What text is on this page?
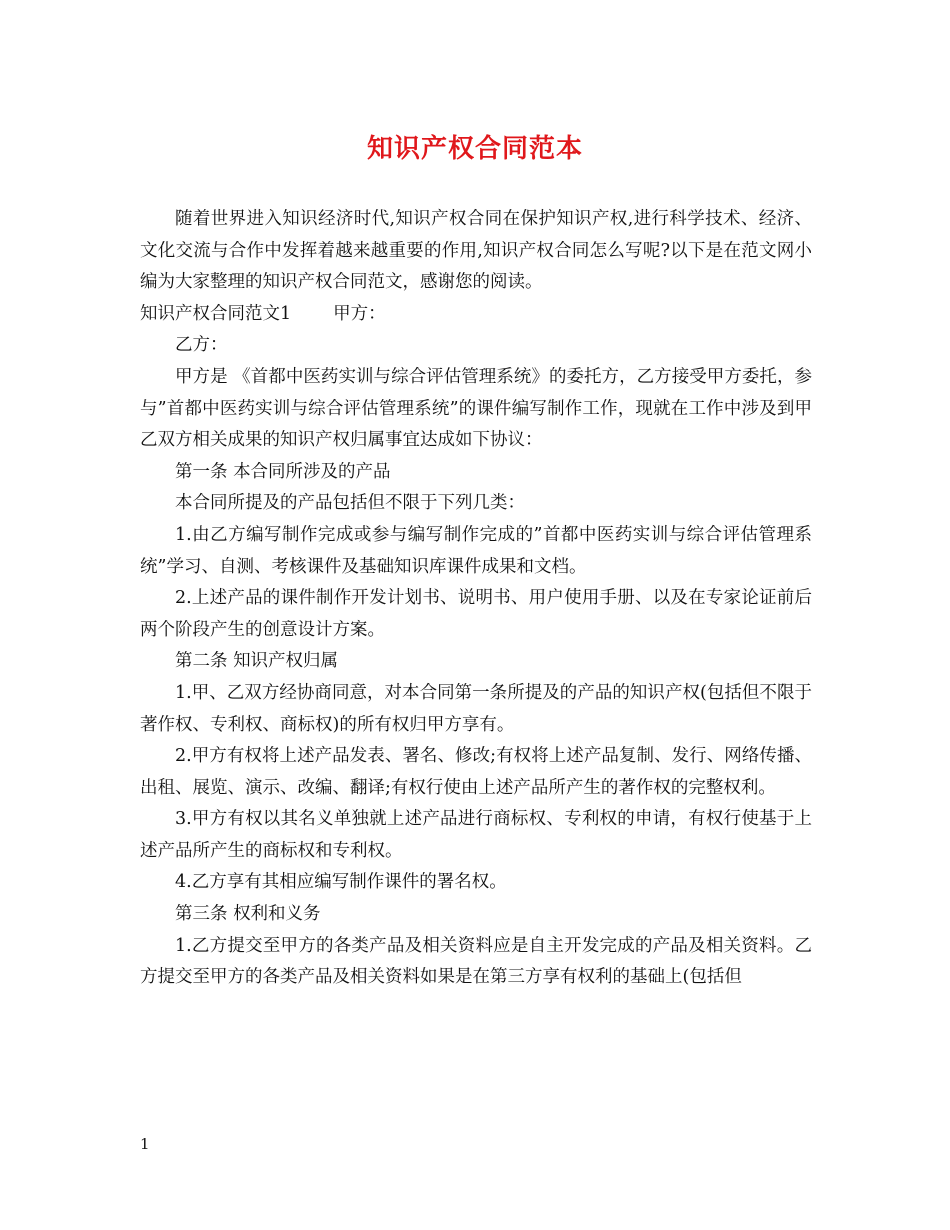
知识产权合同范本

随着世界进入知识经济时代,知识产权合同在保护知识产权,进行科学技术、经济、文化交流与合作中发挥着越来越重要的作用,知识产权合同怎么写呢?以下是在范文网小编为大家整理的知识产权合同范文，感谢您的阅读。

知识产权合同范文1 甲方：

乙方：

甲方是 《首都中医药实训与综合评估管理系统》的委托方，乙方接受甲方委托，参与”首都中医药实训与综合评估管理系统”的课件编写制作工作，现就在工作中涉及到甲乙双方相关成果的知识产权归属事宜达成如下协议：

第一条 本合同所涉及的产品

本合同所提及的产品包括但不限于下列几类：

1.由乙方编写制作完成或参与编写制作完成的”首都中医药实训与综合评估管理系统”学习、自测、考核课件及基础知识库课件成果和文档。

2.上述产品的课件制作开发计划书、说明书、用户使用手册、以及在专家论证前后两个阶段产生的创意设计方案。

第二条 知识产权归属

1.甲、乙双方经协商同意，对本合同第一条所提及的产品的知识产权(包括但不限于著作权、专利权、商标权)的所有权归甲方享有。

2.甲方有权将上述产品发表、署名、修改;有权将上述产品复制、发行、网络传播、出租、展览、演示、改编、翻译;有权行使由上述产品所产生的著作权的完整权利。

3.甲方有权以其名义单独就上述产品进行商标权、专利权的申请，有权行使基于上述产品所产生的商标权和专利权。

4.乙方享有其相应编写制作课件的署名权。

第三条 权利和义务

1.乙方提交至甲方的各类产品及相关资料应是自主开发完成的产品及相关资料。乙方提交至甲方的各类产品及相关资料如果是在第三方享有权利的基础上(包括但

1
